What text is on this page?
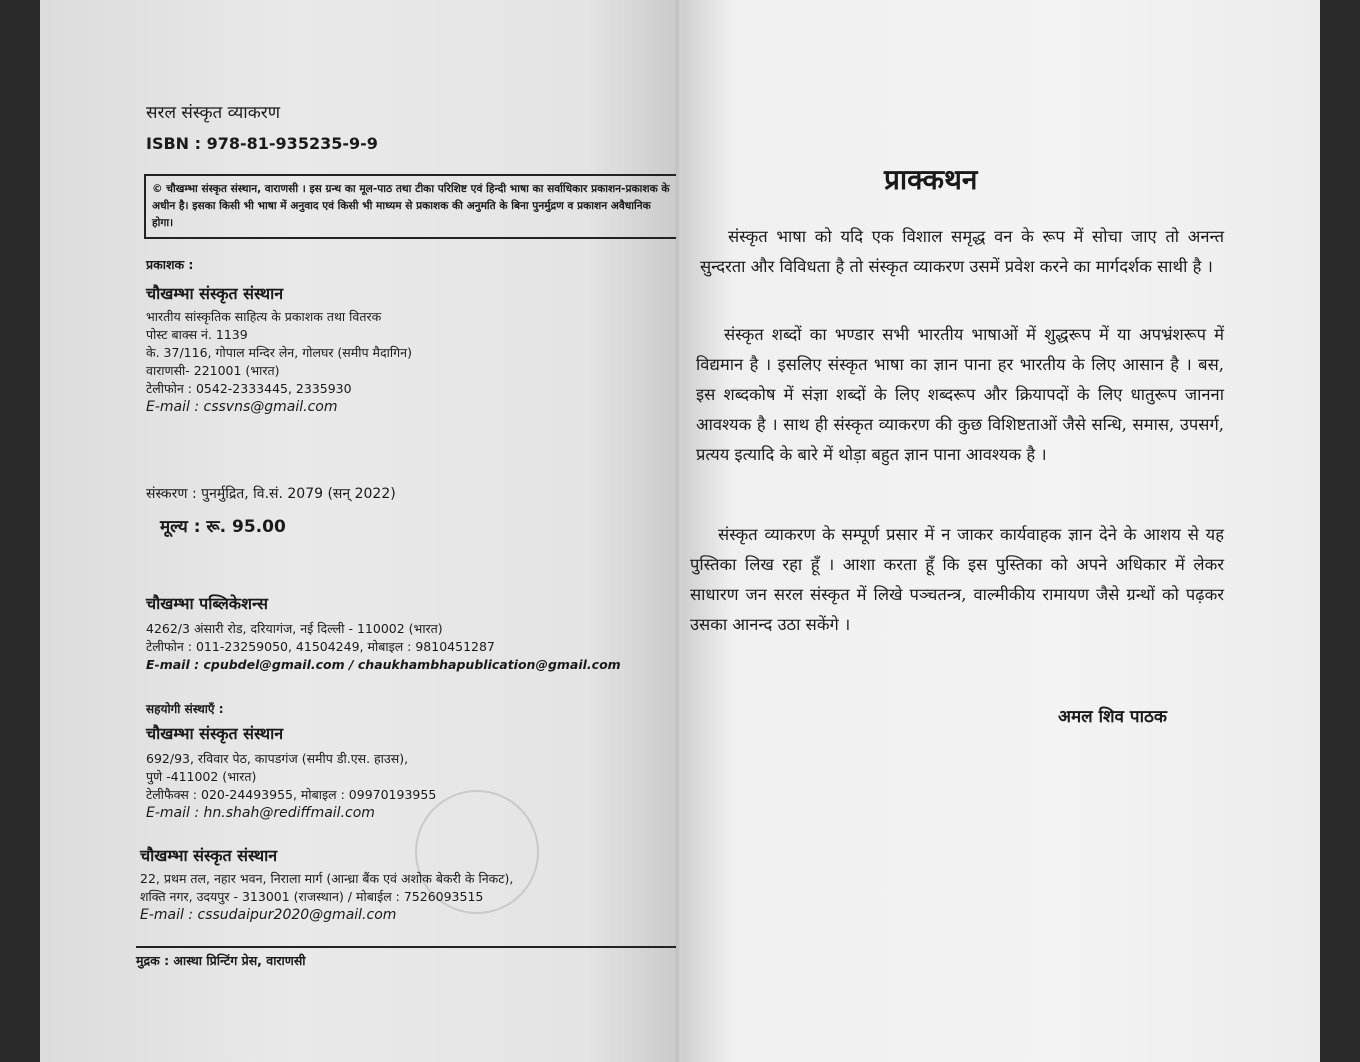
सरल संस्कृत व्याकरण

ISBN : 978-81-935235-9-9

© चौखम्भा संस्कृत संस्थान, वाराणसी । इस ग्रन्थ का मूल-पाठ तथा टीका परिशिष्ट एवं हिन्दी भाषा का सर्वाधिकार प्रकाशन-प्रकाशक के अधीन है। इसका किसी भी भाषा में अनुवाद एवं किसी भी माध्यम से प्रकाशक की अनुमति के बिना पुनर्मुद्रण व प्रकाशन अवैधानिक होगा।

प्रकाशक :

चौखम्भा संस्कृत संस्थान

भारतीय सांस्कृतिक साहित्य के प्रकाशक तथा वितरक
पोस्ट बाक्स नं. 1139
के. 37/116, गोपाल मन्दिर लेन, गोलघर (समीप मैदागिन)
वाराणसी- 221001 (भारत)
टेलीफोन : 0542-2333445, 2335930
E-mail : cssvns@gmail.com

संस्करण : पुनर्मुद्रित, वि.सं. 2079 (सन् 2022)

मूल्य : रू. 95.00

चौखम्भा पब्लिकेशन्स

4262/3 अंसारी रोड, दरियागंज, नई दिल्ली - 110002 (भारत)
टेलीफोन : 011-23259050, 41504249, मोबाइल : 9810451287
E-mail : cpubdel@gmail.com / chaukhambhapublication@gmail.com

सहयोगी संस्थाएँ :

चौखम्भा संस्कृत संस्थान

692/93, रविवार पेठ, कापडगंज (समीप डी.एस. हाउस),
पुणे -411002 (भारत)
टेलीफैक्स : 020-24493955, मोबाइल : 09970193955
E-mail : hn.shah@rediffmail.com

चौखम्भा संस्कृत संस्थान

22, प्रथम तल, नहार भवन, निराला मार्ग (आन्ध्रा बैंक एवं अशोक बेकरी के निकट),
शक्ति नगर, उदयपुर - 313001 (राजस्थान) / मोबाईल : 7526093515
E-mail : cssudaipur2020@gmail.com

मुद्रक : आस्था प्रिन्टिंग प्रेस, वाराणसी

प्राक्कथन

संस्कृत भाषा को यदि एक विशाल समृद्ध वन के रूप में सोचा जाए तो अनन्त सुन्दरता और विविधता है तो संस्कृत व्याकरण उसमें प्रवेश करने का मार्गदर्शक साथी है ।

संस्कृत शब्दों का भण्डार सभी भारतीय भाषाओं में शुद्धरूप में या अपभ्रंशरूप में विद्यमान है । इसलिए संस्कृत भाषा का ज्ञान पाना हर भारतीय के लिए आसान है । बस, इस शब्दकोष में संज्ञा शब्दों के लिए शब्दरूप और क्रियापदों के लिए धातुरूप जानना आवश्यक है । साथ ही संस्कृत व्याकरण की कुछ विशिष्टताओं जैसे सन्धि, समास, उपसर्ग, प्रत्यय इत्यादि के बारे में थोड़ा बहुत ज्ञान पाना आवश्यक है ।

संस्कृत व्याकरण के सम्पूर्ण प्रसार में न जाकर कार्यवाहक ज्ञान देने के आशय से यह पुस्तिका लिख रहा हूँ । आशा करता हूँ कि इस पुस्तिका को अपने अधिकार में लेकर साधारण जन सरल संस्कृत में लिखे पञ्चतन्त्र, वाल्मीकीय रामायण जैसे ग्रन्थों को पढ़कर उसका आनन्द उठा सकेंगे ।

अमल शिव पाठक
